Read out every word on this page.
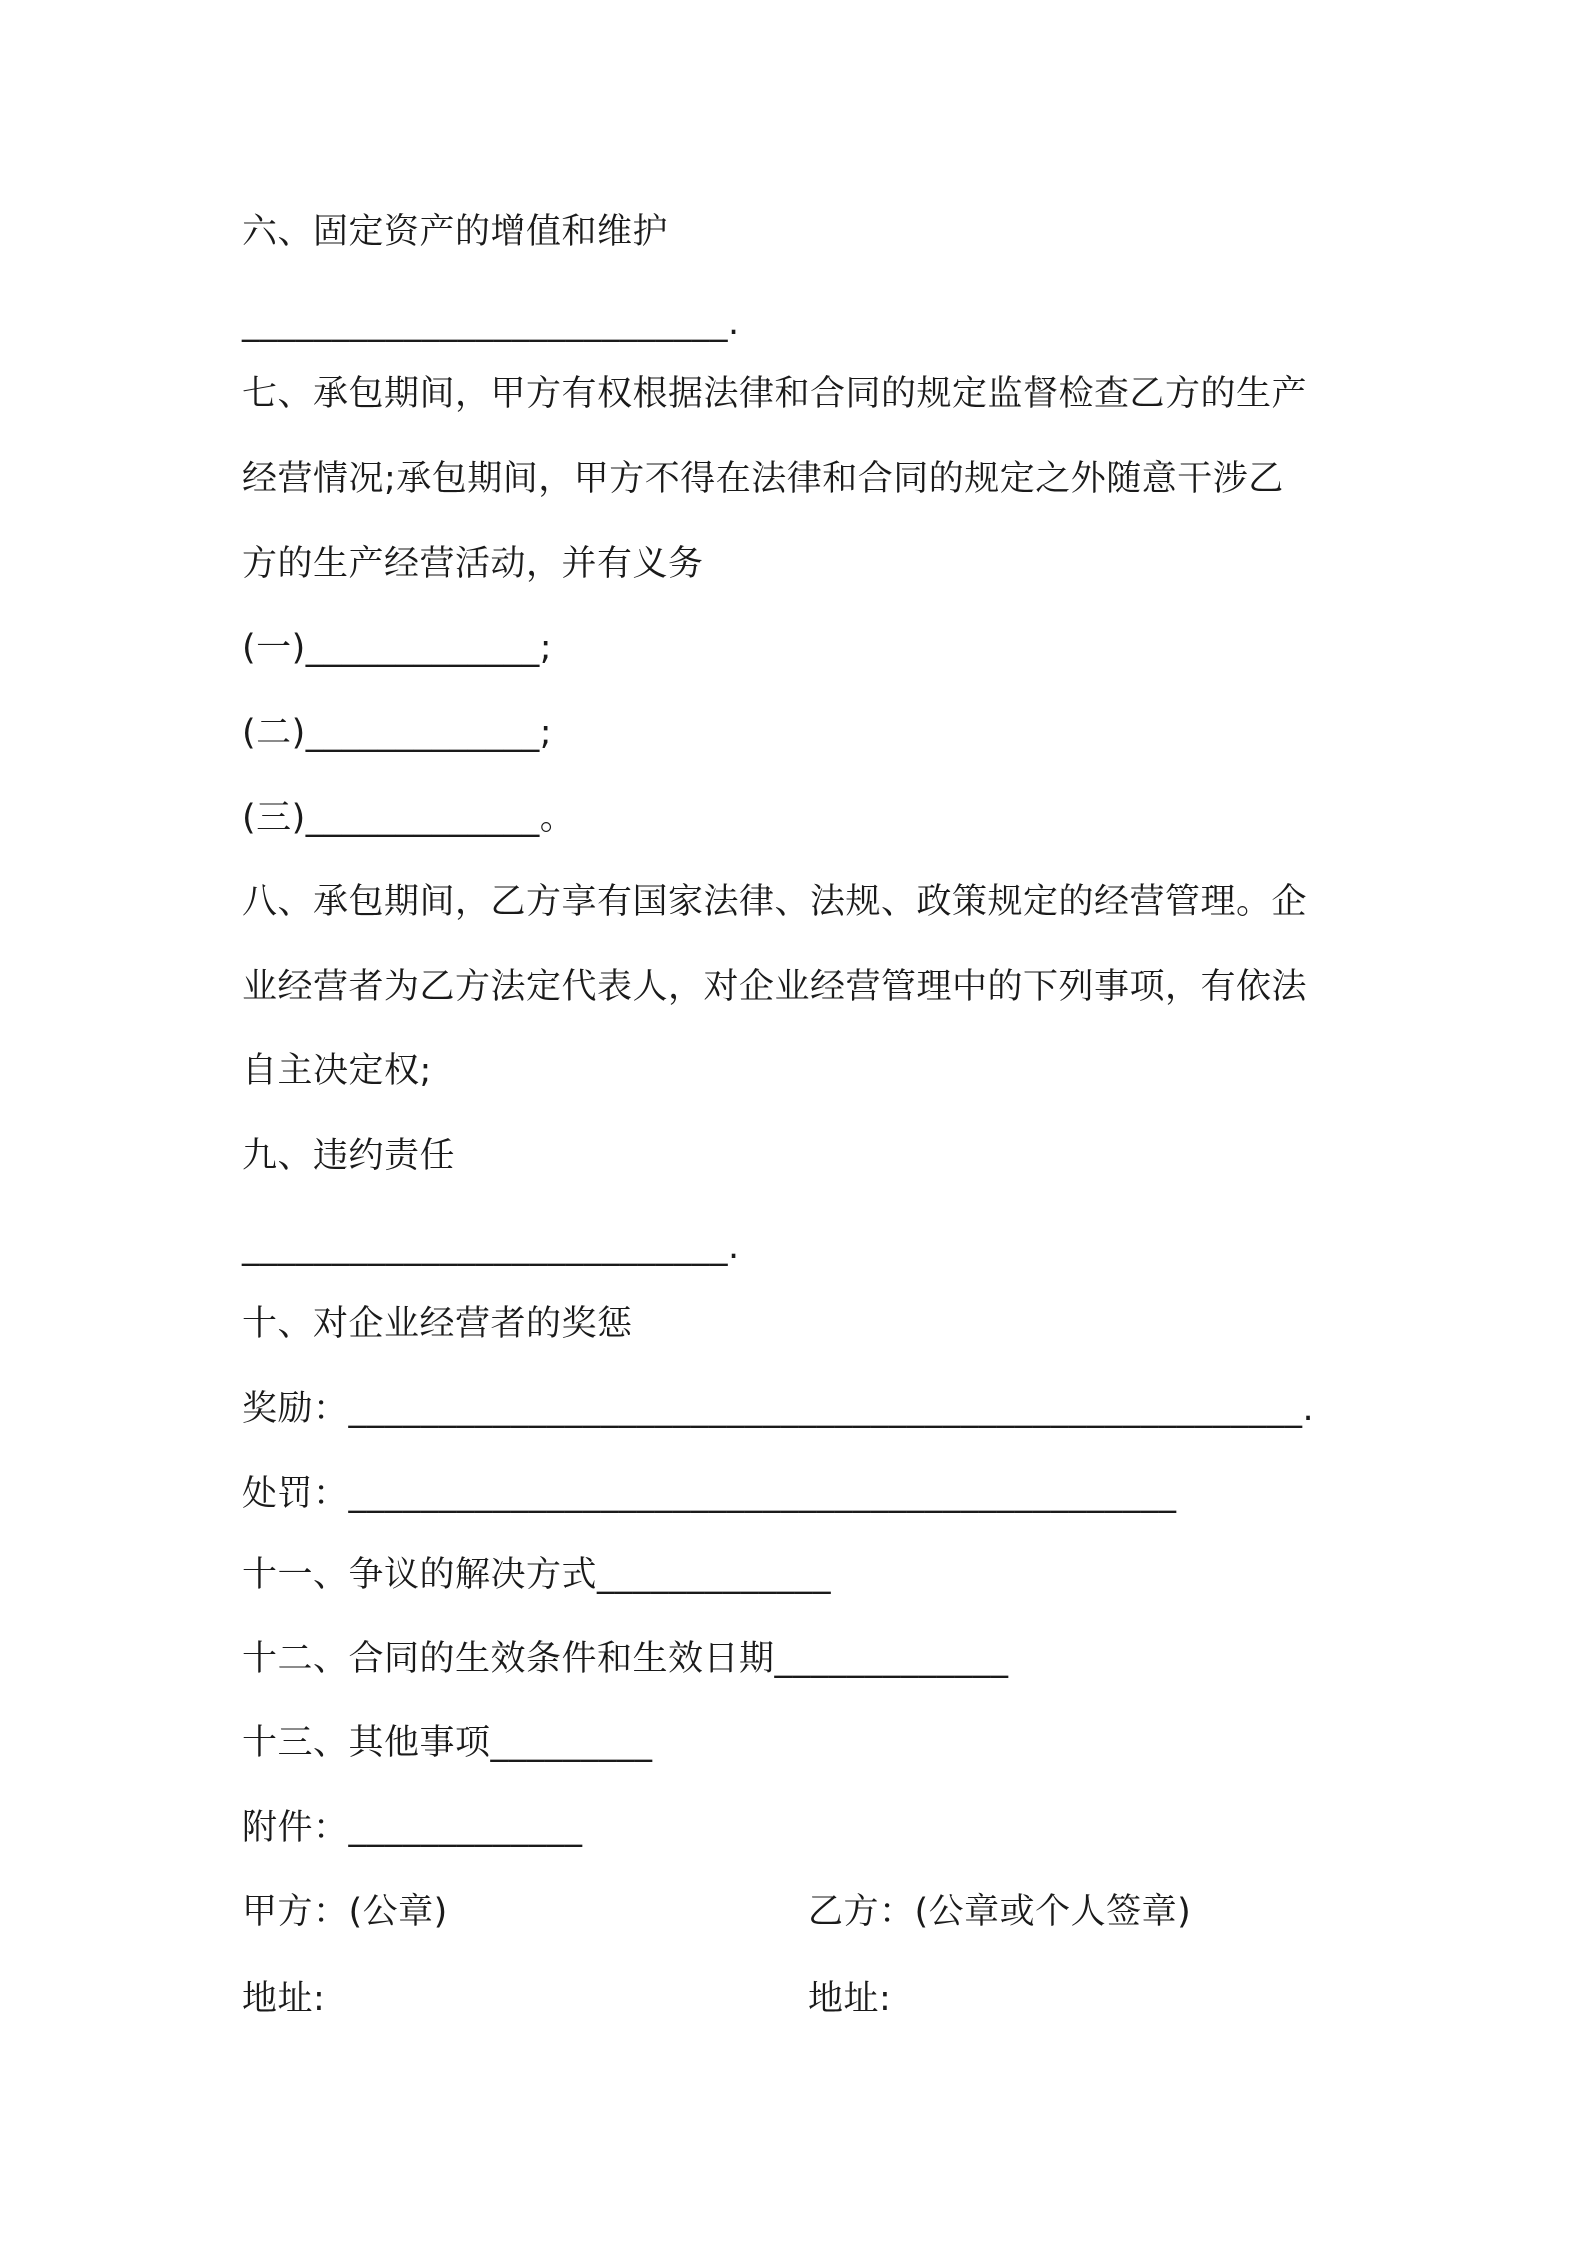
六、固定资产的增值和维护
___________________________.
七、承包期间，甲方有权根据法律和合同的规定监督检查乙方的生产
经营情况;承包期间，甲方不得在法律和合同的规定之外随意干涉乙
方的生产经营活动，并有义务
(一)_____________;
(二)_____________;
(三)_____________。
八、承包期间，乙方享有国家法律、法规、政策规定的经营管理。企
业经营者为乙方法定代表人，对企业经营管理中的下列事项，有依法
自主决定权;
九、违约责任
___________________________.
十、对企业经营者的奖惩
奖励：_____________________________________________________.
处罚：______________________________________________
十一、争议的解决方式_____________
十二、合同的生效条件和生效日期_____________
十三、其他事项_________
附件：_____________
甲方：(公章)	乙方：(公章或个人签章)
地址:	地址:
